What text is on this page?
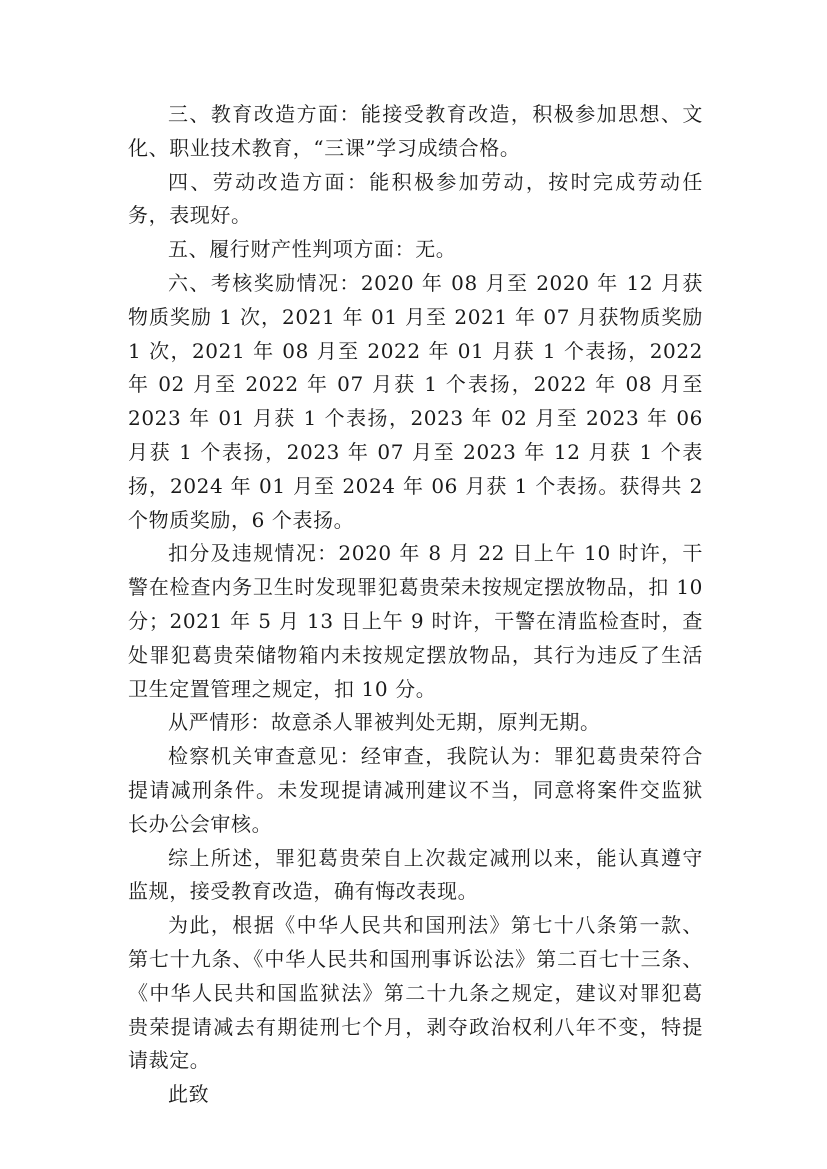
三、教育改造方面：能接受教育改造，积极参加思想、文化、职业技术教育，“三课”学习成绩合格。

四、劳动改造方面：能积极参加劳动，按时完成劳动任务，表现好。

五、履行财产性判项方面：无。

六、考核奖励情况：2020 年 08 月至 2020 年 12 月获物质奖励 1 次，2021 年 01 月至 2021 年 07 月获物质奖励 1 次，2021 年 08 月至 2022 年 01 月获 1 个表扬，2022 年 02 月至 2022 年 07 月获 1 个表扬，2022 年 08 月至 2023 年 01 月获 1 个表扬，2023 年 02 月至 2023 年 06 月获 1 个表扬，2023 年 07 月至 2023 年 12 月获 1 个表扬，2024 年 01 月至 2024 年 06 月获 1 个表扬。获得共 2 个物质奖励，6 个表扬。

扣分及违规情况：2020 年 8 月 22 日上午 10 时许，干警在检查内务卫生时发现罪犯葛贵荣未按规定摆放物品，扣 10 分；2021 年 5 月 13 日上午 9 时许，干警在清监检查时，查处罪犯葛贵荣储物箱内未按规定摆放物品，其行为违反了生活卫生定置管理之规定，扣 10 分。

从严情形：故意杀人罪被判处无期，原判无期。

检察机关审查意见：经审查，我院认为：罪犯葛贵荣符合提请减刑条件。未发现提请减刑建议不当，同意将案件交监狱长办公会审核。

综上所述，罪犯葛贵荣自上次裁定减刑以来，能认真遵守监规，接受教育改造，确有悔改表现。

为此，根据《中华人民共和国刑法》第七十八条第一款、第七十九条、《中华人民共和国刑事诉讼法》第二百七十三条、《中华人民共和国监狱法》第二十九条之规定，建议对罪犯葛贵荣提请减去有期徒刑七个月，剥夺政治权利八年不变，特提请裁定。

此致
